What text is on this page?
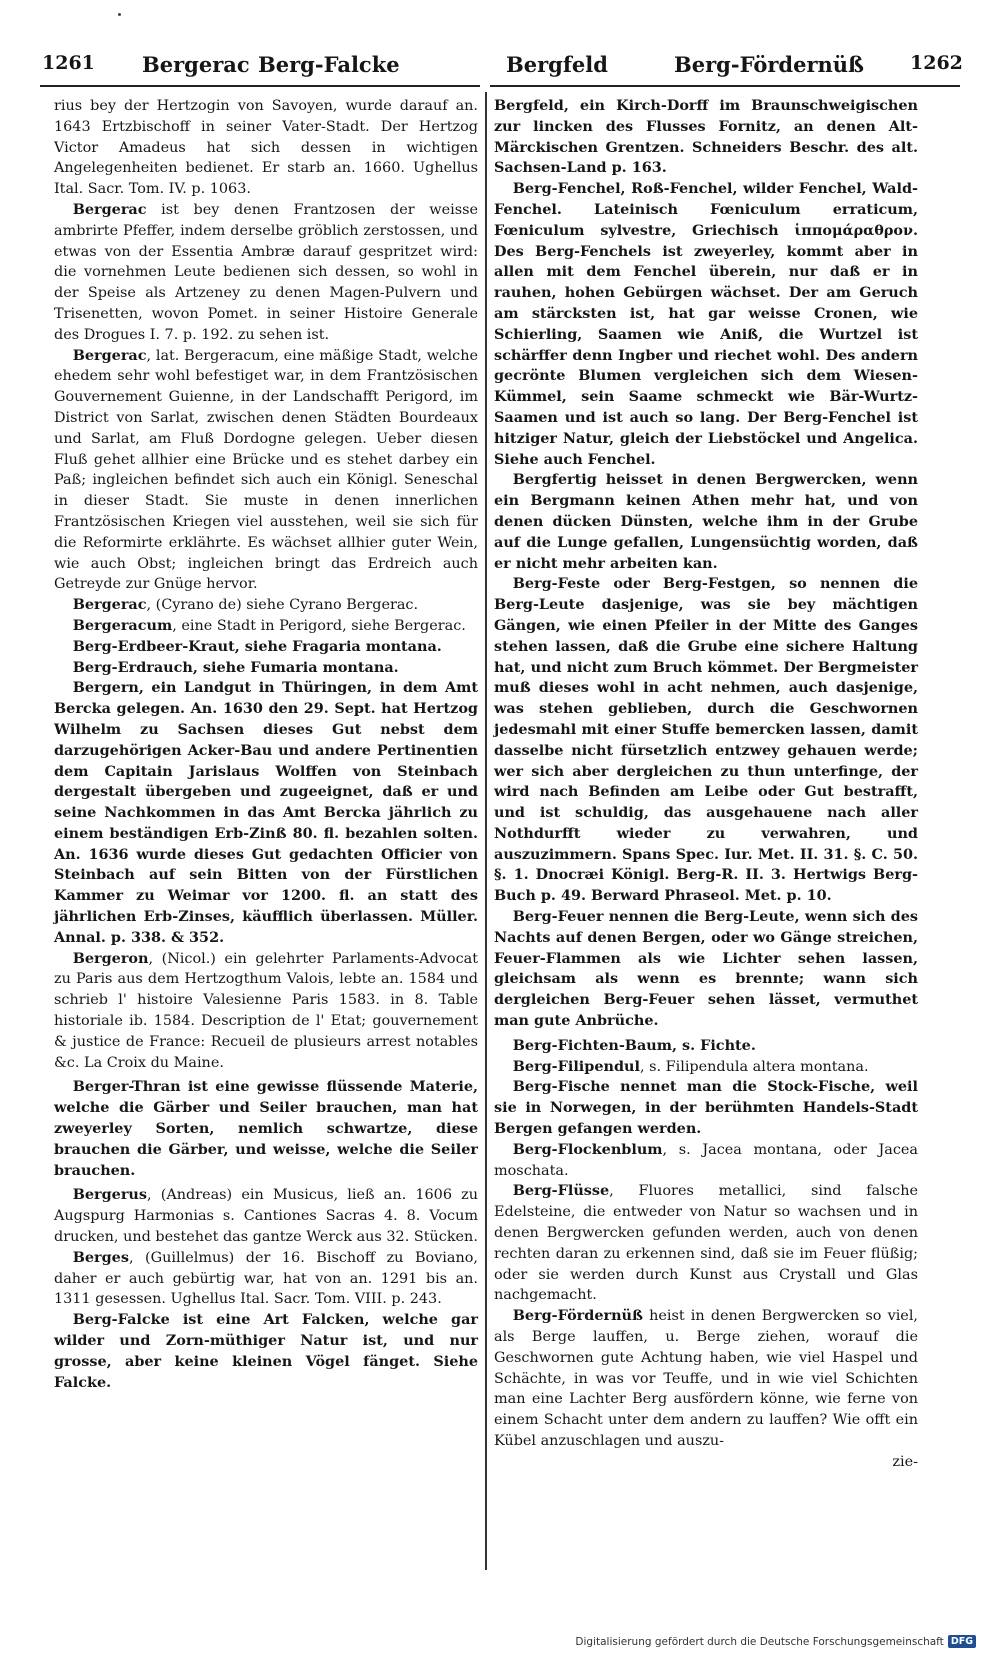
1261 Bergerac Berg-Falcke	Bergfeld	Berg-Fördernüß 1262

rius bey der Hertzogin von Savoyen, wurde darauf an. 1643 Ertzbischoff in seiner Vater-Stadt. Der Hertzog Victor Amadeus hat sich dessen in wichtigen Angelegenheiten bedienet. Er starb an. 1660. Ughellus Ital. Sacr. Tom. IV. p. 1063.

Bergerac ist bey denen Frantzosen der weisse ambrirte Pfeffer, indem derselbe gröblich zerstossen, und etwas von der Essentia Ambræ darauf gespritzet wird: die vornehmen Leute bedienen sich dessen, so wohl in der Speise als Artzeney zu denen Magen-Pulvern und Trisenetten, wovon Pomet. in seiner Histoire Generale des Drogues I. 7. p. 192. zu sehen ist.

Bergerac, lat. Bergeracum, eine mäßige Stadt, welche ehedem sehr wohl befestiget war, in dem Frantzösischen Gouvernement Guienne, in der Landschafft Perigord, im District von Sarlat, zwischen denen Städten Bourdeaux und Sarlat, am Fluß Dordogne gelegen. Ueber diesen Fluß gehet allhier eine Brücke und es stehet darbey ein Paß; ingleichen befindet sich auch ein Königl. Seneschal in dieser Stadt. Sie muste in denen innerlichen Frantzösischen Kriegen viel ausstehen, weil sie sich für die Reformirte erklährte. Es wächset allhier guter Wein, wie auch Obst; ingleichen bringt das Erdreich auch Getreyde zur Gnüge hervor.

Bergerac, (Cyrano de) siehe Cyrano Bergerac.

Bergeracum, eine Stadt in Perigord, siehe Bergerac.

Berg-Erdbeer-Kraut, siehe Fragaria montana.

Berg-Erdrauch, siehe Fumaria montana.

Bergern, ein Landgut in Thüringen, in dem Amt Bercka gelegen. An. 1630 den 29. Sept. hat Hertzog Wilhelm zu Sachsen dieses Gut nebst dem darzugehörigen Acker-Bau und andere Pertinentien dem Capitain Jarislaus Wolffen von Steinbach dergestalt übergeben und zugeeignet, daß er und seine Nachkommen in das Amt Bercka jährlich zu einem beständigen Erb-Zinß 80. fl. bezahlen solten. An. 1636 wurde dieses Gut gedachten Officier von Steinbach auf sein Bitten von der Fürstlichen Kammer zu Weimar vor 1200. fl. an statt des jährlichen Erb-Zinses, käufflich überlassen. Müller. Annal. p. 338. & 352.

Bergeron, (Nicol.) ein gelehrter Parlaments-Advocat zu Paris aus dem Hertzogthum Valois, lebte an. 1584 und schrieb l' histoire Valesienne Paris 1583. in 8. Table historiale ib. 1584. Description de l' Etat; gouvernement & justice de France: Recueil de plusieurs arrest notables &c. La Croix du Maine.

Berger-Thran ist eine gewisse flüssende Materie, welche die Gärber und Seiler brauchen, man hat zweyerley Sorten, nemlich schwartze, diese brauchen die Gärber, und weisse, welche die Seiler brauchen.

Bergerus, (Andreas) ein Musicus, ließ an. 1606 zu Augspurg Harmonias s. Cantiones Sacras 4. 8. Vocum drucken, und bestehet das gantze Werck aus 32. Stücken.

Berges, (Guillelmus) der 16. Bischoff zu Boviano, daher er auch gebürtig war, hat von an. 1291 bis an. 1311 gesessen. Ughellus Ital. Sacr. Tom. VIII. p. 243.

Berg-Falcke ist eine Art Falcken, welche gar wilder und Zorn-müthiger Natur ist, und nur grosse, aber keine kleinen Vögel fänget. Siehe Falcke.

Bergfeld, ein Kirch-Dorff im Braunschweigischen zur lincken des Flusses Fornitz, an denen Alt-Märckischen Grentzen. Schneiders Beschr. des alt. Sachsen-Land p. 163.

Berg-Fenchel, Roß-Fenchel, wilder Fenchel, Wald-Fenchel. Lateinisch Fœniculum erraticum, Fœniculum sylvestre, Griechisch ἱππομάραθρον. Des Berg-Fenchels ist zweyerley, kommt aber in allen mit dem Fenchel überein, nur daß er in rauhen, hohen Gebürgen wächset. Der am Geruch am stärcksten ist, hat gar weisse Cronen, wie Schierling, Saamen wie Aniß, die Wurtzel ist schärffer denn Ingber und riechet wohl. Des andern gecrönte Blumen vergleichen sich dem Wiesen-Kümmel, sein Saame schmeckt wie Bär-Wurtz-Saamen und ist auch so lang. Der Berg-Fenchel ist hitziger Natur, gleich der Liebstöckel und Angelica. Siehe auch Fenchel.

Bergfertig heisset in denen Bergwercken, wenn ein Bergmann keinen Athen mehr hat, und von denen dücken Dünsten, welche ihm in der Grube auf die Lunge gefallen, Lungensüchtig worden, daß er nicht mehr arbeiten kan.

Berg-Feste oder Berg-Festgen, so nennen die Berg-Leute dasjenige, was sie bey mächtigen Gängen, wie einen Pfeiler in der Mitte des Ganges stehen lassen, daß die Grube eine sichere Haltung hat, und nicht zum Bruch kömmet. Der Bergmeister muß dieses wohl in acht nehmen, auch dasjenige, was stehen geblieben, durch die Geschwornen jedesmahl mit einer Stuffe bemercken lassen, damit dasselbe nicht fürsetzlich entzwey gehauen werde; wer sich aber dergleichen zu thun unterfinge, der wird nach Befinden am Leibe oder Gut bestrafft, und ist schuldig, das ausgehauene nach aller Nothdurfft wieder zu verwahren, und auszuzimmern. Spans Spec. Iur. Met. II. 31. §. C. 50. §. 1. Dnocræi Königl. Berg-R. II. 3. Hertwigs Berg-Buch p. 49. Berward Phraseol. Met. p. 10.

Berg-Feuer nennen die Berg-Leute, wenn sich des Nachts auf denen Bergen, oder wo Gänge streichen, Feuer-Flammen als wie Lichter sehen lassen, gleichsam als wenn es brennte; wann sich dergleichen Berg-Feuer sehen lässet, vermuthet man gute Anbrüche.

Berg-Fichten-Baum, s. Fichte.

Berg-Filipendul, s. Filipendula altera montana.

Berg-Fische nennet man die Stock-Fische, weil sie in Norwegen, in der berühmten Handels-Stadt Bergen gefangen werden.

Berg-Flockenblum, s. Jacea montana, oder Jacea moschata.

Berg-Flüsse, Fluores metallici, sind falsche Edelsteine, die entweder von Natur so wachsen und in denen Bergwercken gefunden werden, auch von denen rechten daran zu erkennen sind, daß sie im Feuer flüßig; oder sie werden durch Kunst aus Crystall und Glas nachgemacht.

Berg-Fördernüß heist in denen Bergwercken so viel, als Berge lauffen, u. Berge ziehen, worauf die Geschwornen gute Achtung haben, wie viel Haspel und Schächte, in was vor Teuffe, und in wie viel Schichten man eine Lachter Berg ausfördern könne, wie ferne von einem Schacht unter dem andern zu lauffen? Wie offt ein Kübel anzuschlagen und auszu-

zie-

Digitalisierung gefördert durch die Deutsche Forschungsgemeinschaft DFG
